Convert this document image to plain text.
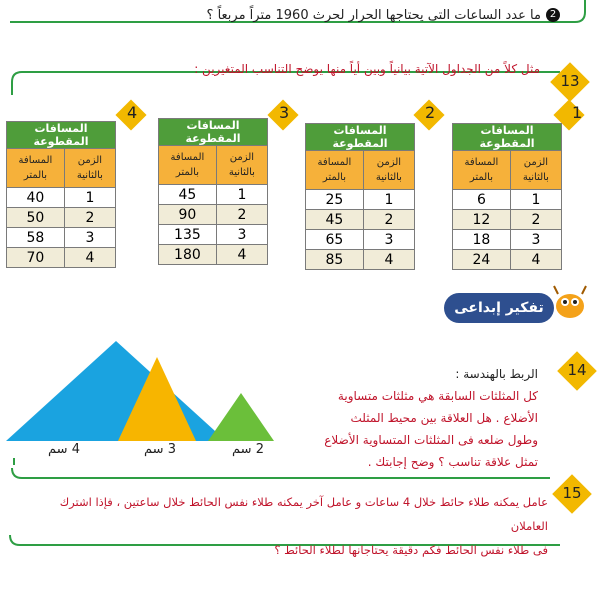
ما عدد الساعات التى يحتاجها الحرار لحرث 1960 متراً مربعاً ؟ 2
13
مثل كلاً من الجداول الآتية بيانياً وبين أياً منها يوضح التناسب المتغيرين :
1
2
3
4
المسافات المقطوعة	
الزمن بالثانية	المسافة بالمتر
1	6
2	12
3	18
4	24
المسافات المقطوعة	
الزمن بالثانية	المسافة بالمتر
1	25
2	45
3	65
4	85
المسافات المقطوعة	
الزمن بالثانية	المسافة بالمتر
1	45
2	90
3	135
4	180
المسافات المقطوعة	
الزمن بالثانية	المسافة بالمتر
1	40
2	50
3	58
4	70
تفكير إبداعى
4 سم	3 سم	2 سم
14
الربط بالهندسة :
كل المثلثات السابقة هي مثلثات متساوية
الأضلاع . هل العلاقة بين محيط المثلث
وطول ضلعه فى المثلثات المتساوية الأضلاع
تمثل علاقة تناسب ؟ وضح إجابتك .
15
عامل يمكنه طلاء حائط خلال 4 ساعات و عامل آخر يمكنه طلاء نفس الحائط خلال ساعتين ، فإذا اشترك العاملان
فى طلاء نفس الحائط فكم دقيقة يحتاجانها لطلاء الحائط ؟
